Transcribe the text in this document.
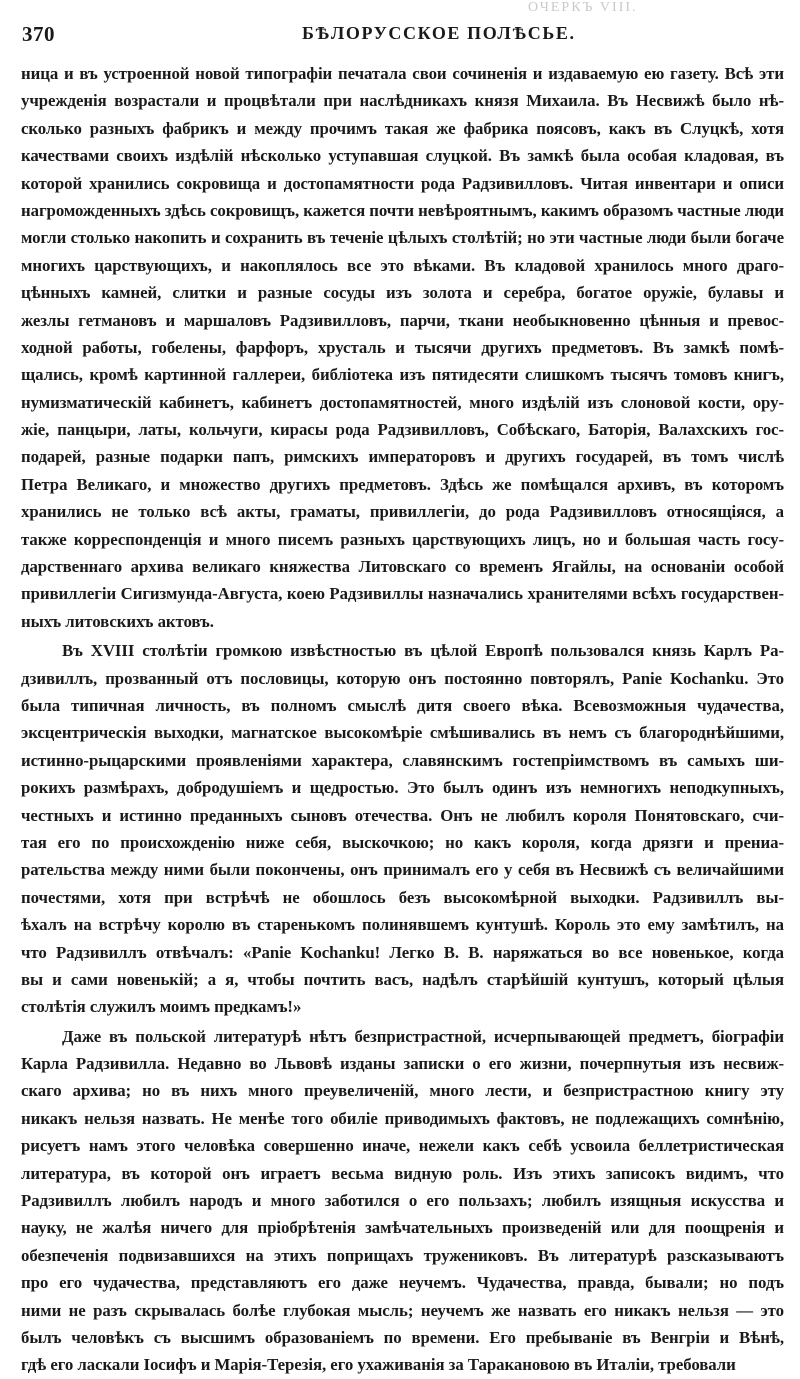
ОЧЕРКЪ VIII.
370	БѢЛОРУССКОЕ ПОЛѢСЬЕ.
ница и въ устроенной новой типографіи печатала свои сочиненія и издаваемую ею газету. Всѣ эти
учрежденія возрастали и процвѣтали при наслѣдникахъ князя Михаила. Въ Несвижѣ было нѣ-
сколько разныхъ фабрикъ и между прочимъ такая же фабрика поясовъ, какъ въ Слуцкѣ, хотя
качествами своихъ издѣлій нѣсколько уступавшая слуцкой. Въ замкѣ была особая кладовая, въ
которой хранились сокровища и достопамятности рода Радзивилловъ. Читая инвентари и описи
нагроможденныхъ здѣсь сокровищъ, кажется почти невѣроятнымъ, какимъ образомъ частные люди
могли столько накопить и сохранить въ теченіе цѣлыхъ столѣтій; но эти частные люди были богаче
многихъ царствующихъ, и накоплялось все это вѣками. Въ кладовой хранилось много драго-
цѣнныхъ камней, слитки и разные сосуды изъ золота и серебра, богатое оружіе, булавы и
жезлы гетмановъ и маршаловъ Радзивилловъ, парчи, ткани необыкновенно цѣнныя и превос-
ходной работы, гобелены, фарфоръ, хрусталь и тысячи другихъ предметовъ. Въ замкѣ помѣ-
щались, кромѣ картинной галлереи, библіотека изъ пятидесяти слишкомъ тысячъ томовъ книгъ,
нумизматическій кабинетъ, кабинетъ достопамятностей, много издѣлій изъ слоновой кости, ору-
жіе, панцыри, латы, кольчуги, кирасы рода Радзивилловъ, Собѣскаго, Баторія, Валахскихъ гос-
подарей, разные подарки папъ, римскихъ императоровъ и другихъ государей, въ томъ числѣ
Петра Великаго, и множество другихъ предметовъ. Здѣсь же помѣщался архивъ, въ которомъ
хранились не только всѣ акты, граматы, привиллегіи, до рода Радзивилловъ относящіяся, а
также корреспонденція и много писемъ разныхъ царствующихъ лицъ, но и большая часть госу-
дарственнаго архива великаго княжества Литовскаго со временъ Ягайлы, на основаніи особой
привиллегіи Сигизмунда-Августа, коею Радзивиллы назначались хранителями всѣхъ государствен-
ныхъ литовскихъ актовъ.
Въ XVIII столѣтіи громкою извѣстностью въ цѣлой Европѣ пользовался князь Карлъ Ра-
дзивиллъ, прозванный отъ пословицы, которую онъ постоянно повторялъ, Panie Kochanku. Это
была типичная личность, въ полномъ смыслѣ дитя своего вѣка. Всевозможныя чудачества,
эксцентрическія выходки, магнатское высокомѣріе смѣшивались въ немъ съ благороднѣйшими,
истинно-рыцарскими проявленіями характера, славянскимъ гостепріимствомъ въ самыхъ ши-
рокихъ размѣрахъ, добродушіемъ и щедростью. Это былъ одинъ изъ немногихъ неподкупныхъ,
честныхъ и истинно преданныхъ сыновъ отечества. Онъ не любилъ короля Понятовскаго, счи-
тая его по происхожденію ниже себя, выскочкою; но какъ короля, когда дрязги и прениа-
рательства между ними были покончены, онъ принималъ его у себя въ Несвижѣ съ величайшими
почестями, хотя при встрѣчѣ не обошлось безъ высокомѣрной выходки. Радзивиллъ вы-
ѣхалъ на встрѣчу королю въ старенькомъ полинявшемъ кунтушѣ. Король это ему замѣтилъ, на
что Радзивиллъ отвѣчалъ: «Panie Kochanku! Легко В. В. наряжаться во все новенькое, когда
вы и сами новенькій; а я, чтобы почтить васъ, надѣлъ старѣйшій кунтушъ, который цѣлыя
столѣтія служилъ моимъ предкамъ!»
Даже въ польской литературѣ нѣтъ безпристрастной, исчерпывающей предметъ, біографіи
Карла Радзивилла. Недавно во Львовѣ изданы записки о его жизни, почерпнутыя изъ несвиж-
скаго архива; но въ нихъ много преувеличеній, много лести, и безпристрастною книгу эту
никакъ нельзя назвать. Не менѣе того обиліе приводимыхъ фактовъ, не подлежащихъ сомнѣнію,
рисуетъ намъ этого человѣка совершенно иначе, нежели какъ себѣ усвоила беллетристическая
литература, въ которой онъ играетъ весьма видную роль. Изъ этихъ записокъ видимъ, что
Радзивиллъ любилъ народъ и много заботился о его пользахъ; любилъ изящныя искусства и
науку, не жалѣя ничего для пріобрѣтенія замѣчательныхъ произведеній или для поощренія и
обезпеченія подвизавшихся на этихъ поприщахъ тружениковъ. Въ литературѣ разсказываютъ
про его чудачества, представляютъ его даже неучемъ. Чудачества, правда, бывали; но подъ
ними не разъ скрывалась болѣе глубокая мысль; неучемъ же назвать его никакъ нельзя — это
былъ человѣкъ съ высшимъ образованіемъ по времени. Его пребываніе въ Венгріи и Вѣнѣ,
гдѣ его ласкали Іосифъ и Марія-Терезія, его ухаживанія за Таракановою въ Италіи, требовали
